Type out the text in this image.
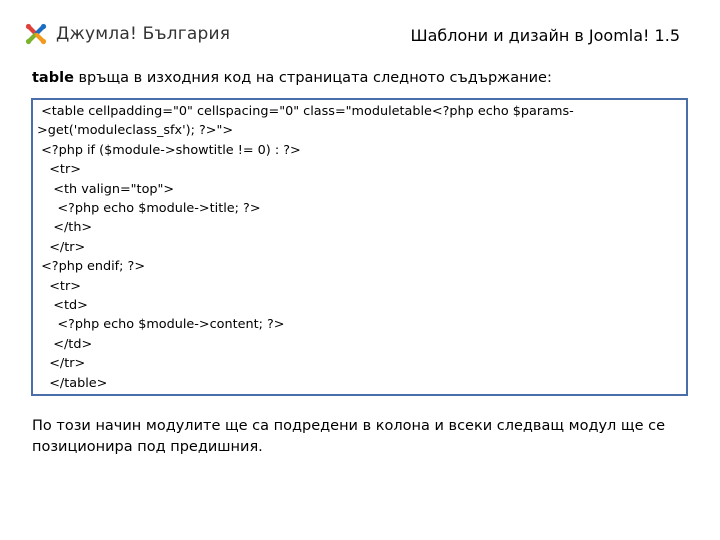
Джумла! България	Шаблони и дизайн в Joomla! 1.5
table връща в изходния код на страницата следното съдържание:
<table cellpadding="0" cellspacing="0" class="moduletable<?php echo $params-
>get('moduleclass_sfx'); ?>">
<?php if ($module->showtitle != 0) : ?>
<tr>
<th valign="top">
<?php echo $module->title; ?>
</th>
</tr>
<?php endif; ?>
<tr>
<td>
<?php echo $module->content; ?>
</td>
</tr>
</table>
По този начин модулите ще са подредени в колона и всеки следващ модул ще се позиционира под предишния.
